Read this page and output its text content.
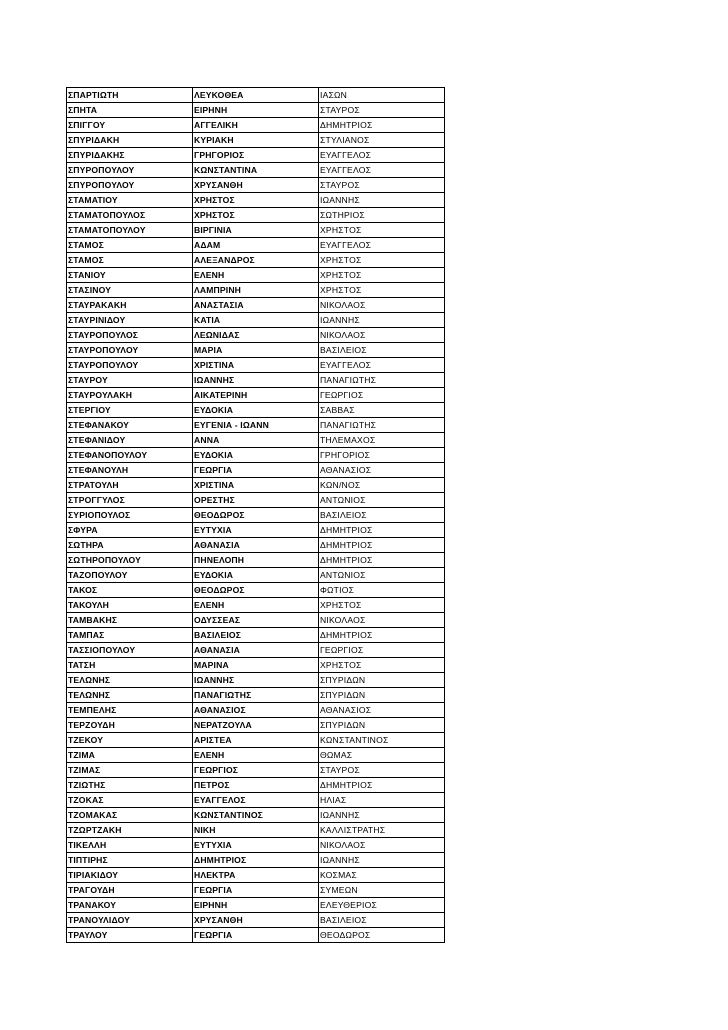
ΣΠΑΡΤΙΩΤΗ	ΛΕΥΚΟΘΕΑ	ΙΑΣΩΝ
ΣΠΗΤΑ	ΕΙΡΗΝΗ	ΣΤΑΥΡΟΣ
ΣΠΙΓΓΟΥ	ΑΓΓΕΛΙΚΗ	ΔΗΜΗΤΡΙΟΣ
ΣΠΥΡΙΔΑΚΗ	ΚΥΡΙΑΚΗ	ΣΤΥΛΙΑΝΟΣ
ΣΠΥΡΙΔΑΚΗΣ	ΓΡΗΓΟΡΙΟΣ	ΕΥΑΓΓΕΛΟΣ
ΣΠΥΡΟΠΟΥΛΟΥ	ΚΩΝΣΤΑΝΤΙΝΑ	ΕΥΑΓΓΕΛΟΣ
ΣΠΥΡΟΠΟΥΛΟΥ	ΧΡΥΣΑΝΘΗ	ΣΤΑΥΡΟΣ
ΣΤΑΜΑΤΙΟΥ	ΧΡΗΣΤΟΣ	ΙΩΑΝΝΗΣ
ΣΤΑΜΑΤΟΠΟΥΛΟΣ	ΧΡΗΣΤΟΣ	ΣΩΤΗΡΙΟΣ
ΣΤΑΜΑΤΟΠΟΥΛΟΥ	ΒΙΡΓΙΝΙΑ	ΧΡΗΣΤΟΣ
ΣΤΑΜΟΣ	ΑΔΑΜ	ΕΥΑΓΓΕΛΟΣ
ΣΤΑΜΟΣ	ΑΛΕΞΑΝΔΡΟΣ	ΧΡΗΣΤΟΣ
ΣΤΑΝΙΟΥ	ΕΛΕΝΗ	ΧΡΗΣΤΟΣ
ΣΤΑΣΙΝΟΥ	ΛΑΜΠΡΙΝΗ	ΧΡΗΣΤΟΣ
ΣΤΑΥΡΑΚΑΚΗ	ΑΝΑΣΤΑΣΙΑ	ΝΙΚΟΛΑΟΣ
ΣΤΑΥΡΙΝΙΔΟΥ	ΚΑΤΙΑ	ΙΩΑΝΝΗΣ
ΣΤΑΥΡΟΠΟΥΛΟΣ	ΛΕΩΝΙΔΑΣ	ΝΙΚΟΛΑΟΣ
ΣΤΑΥΡΟΠΟΥΛΟΥ	ΜΑΡΙΑ	ΒΑΣΙΛΕΙΟΣ
ΣΤΑΥΡΟΠΟΥΛΟΥ	ΧΡΙΣΤΙΝΑ	ΕΥΑΓΓΕΛΟΣ
ΣΤΑΥΡΟΥ	ΙΩΑΝΝΗΣ	ΠΑΝΑΓΙΩΤΗΣ
ΣΤΑΥΡΟΥΛΑΚΗ	ΑΙΚΑΤΕΡΙΝΗ	ΓΕΩΡΓΙΟΣ
ΣΤΕΡΓΙΟΥ	ΕΥΔΟΚΙΑ	ΣΑΒΒΑΣ
ΣΤΕΦΑΝΑΚΟΥ	ΕΥΓΕΝΙΑ - ΙΩΑΝΝ	ΠΑΝΑΓΙΩΤΗΣ
ΣΤΕΦΑΝΙΔΟΥ	ΑΝΝΑ	ΤΗΛΕΜΑΧΟΣ
ΣΤΕΦΑΝΟΠΟΥΛΟΥ	ΕΥΔΟΚΙΑ	ΓΡΗΓΟΡΙΟΣ
ΣΤΕΦΑΝΟΥΛΗ	ΓΕΩΡΓΙΑ	ΑΘΑΝΑΣΙΟΣ
ΣΤΡΑΤΟΥΛΗ	ΧΡΙΣΤΙΝΑ	ΚΩΝ/ΝΟΣ
ΣΤΡΟΓΓΥΛΟΣ	ΟΡΕΣΤΗΣ	ΑΝΤΩΝΙΟΣ
ΣΥΡΙΟΠΟΥΛΟΣ	ΘΕΟΔΩΡΟΣ	ΒΑΣΙΛΕΙΟΣ
ΣΦΥΡΑ	ΕΥΤΥΧΙΑ	ΔΗΜΗΤΡΙΟΣ
ΣΩΤΗΡΑ	ΑΘΑΝΑΣΙΑ	ΔΗΜΗΤΡΙΟΣ
ΣΩΤΗΡΟΠΟΥΛΟΥ	ΠΗΝΕΛΟΠΗ	ΔΗΜΗΤΡΙΟΣ
ΤΑΖΟΠΟΥΛΟΥ	ΕΥΔΟΚΙΑ	ΑΝΤΩΝΙΟΣ
ΤΑΚΟΣ	ΘΕΟΔΩΡΟΣ	ΦΩΤΙΟΣ
ΤΑΚΟΥΛΗ	ΕΛΕΝΗ	ΧΡΗΣΤΟΣ
ΤΑΜΒΑΚΗΣ	ΟΔΥΣΣΕΑΣ	ΝΙΚΟΛΑΟΣ
ΤΑΜΠΑΣ	ΒΑΣΙΛΕΙΟΣ	ΔΗΜΗΤΡΙΟΣ
ΤΑΣΣΙΟΠΟΥΛΟΥ	ΑΘΑΝΑΣΙΑ	ΓΕΩΡΓΙΟΣ
ΤΑΤΣΗ	ΜΑΡΙΝΑ	ΧΡΗΣΤΟΣ
ΤΕΛΩΝΗΣ	ΙΩΑΝΝΗΣ	ΣΠΥΡΙΔΩΝ
ΤΕΛΩΝΗΣ	ΠΑΝΑΓΙΩΤΗΣ	ΣΠΥΡΙΔΩΝ
ΤΕΜΠΕΛΗΣ	ΑΘΑΝΑΣΙΟΣ	ΑΘΑΝΑΣΙΟΣ
ΤΕΡΖΟΥΔΗ	ΝΕΡΑΤΖΟΥΛΑ	ΣΠΥΡΙΔΩΝ
ΤΖΕΚΟΥ	ΑΡΙΣΤΕΑ	ΚΩΝΣΤΑΝΤΙΝΟΣ
ΤΖΙΜΑ	ΕΛΕΝΗ	ΘΩΜΑΣ
ΤΖΙΜΑΣ	ΓΕΩΡΓΙΟΣ	ΣΤΑΥΡΟΣ
ΤΖΙΩΤΗΣ	ΠΕΤΡΟΣ	ΔΗΜΗΤΡΙΟΣ
ΤΖΟΚΑΣ	ΕΥΑΓΓΕΛΟΣ	ΗΛΙΑΣ
ΤΖΟΜΑΚΑΣ	ΚΩΝΣΤΑΝΤΙΝΟΣ	ΙΩΑΝΝΗΣ
ΤΖΩΡΤΖΑΚΗ	ΝΙΚΗ	ΚΑΛΛΙΣΤΡΑΤΗΣ
ΤΙΚΕΛΛΗ	ΕΥΤΥΧΙΑ	ΝΙΚΟΛΑΟΣ
ΤΙΠΤΙΡΗΣ	ΔΗΜΗΤΡΙΟΣ	ΙΩΑΝΝΗΣ
ΤΙΡΙΑΚΙΔΟΥ	ΗΛΕΚΤΡΑ	ΚΟΣΜΑΣ
ΤΡΑΓΟΥΔΗ	ΓΕΩΡΓΙΑ	ΣΥΜΕΩΝ
ΤΡΑΝΑΚΟΥ	ΕΙΡΗΝΗ	ΕΛΕΥΘΕΡΙΟΣ
ΤΡΑΝΟΥΛΙΔΟΥ	ΧΡΥΣΑΝΘΗ	ΒΑΣΙΛΕΙΟΣ
ΤΡΑΥΛΟΥ	ΓΕΩΡΓΙΑ	ΘΕΟΔΩΡΟΣ
